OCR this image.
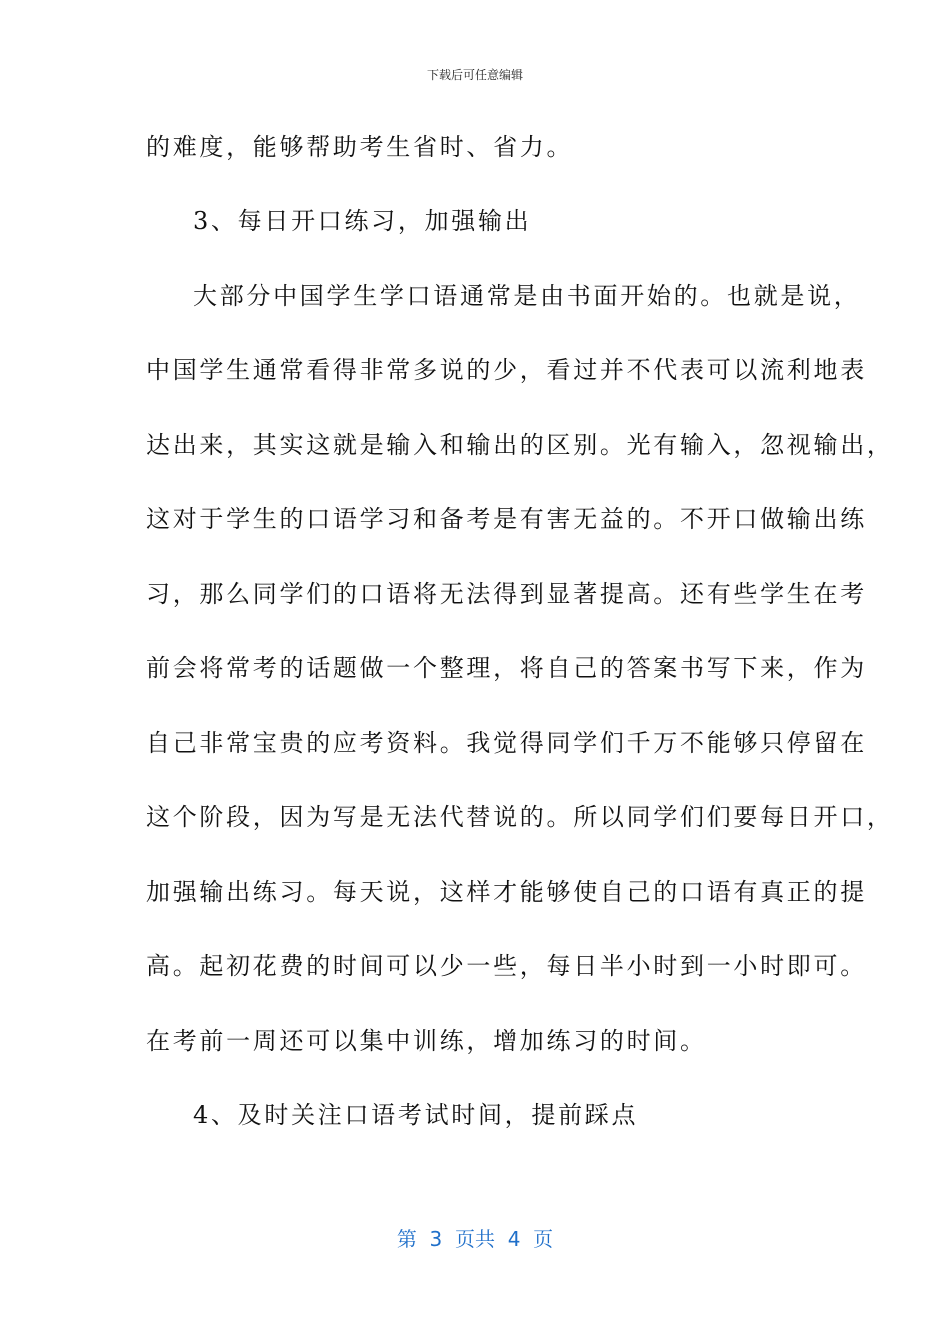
下载后可任意编辑
的难度，能够帮助考生省时、省力。
3、每日开口练习，加强输出
大部分中国学生学口语通常是由书面开始的。也就是说，
中国学生通常看得非常多说的少，看过并不代表可以流利地表
达出来，其实这就是输入和输出的区别。光有输入，忽视输出，
这对于学生的口语学习和备考是有害无益的。不开口做输出练
习，那么同学们的口语将无法得到显著提高。还有些学生在考
前会将常考的话题做一个整理，将自己的答案书写下来，作为
自己非常宝贵的应考资料。我觉得同学们千万不能够只停留在
这个阶段，因为写是无法代替说的。所以同学们们要每日开口，
加强输出练习。每天说，这样才能够使自己的口语有真正的提
高。起初花费的时间可以少一些，每日半小时到一小时即可。
在考前一周还可以集中训练，增加练习的时间。
4、及时关注口语考试时间，提前踩点
第  3  页共  4  页
